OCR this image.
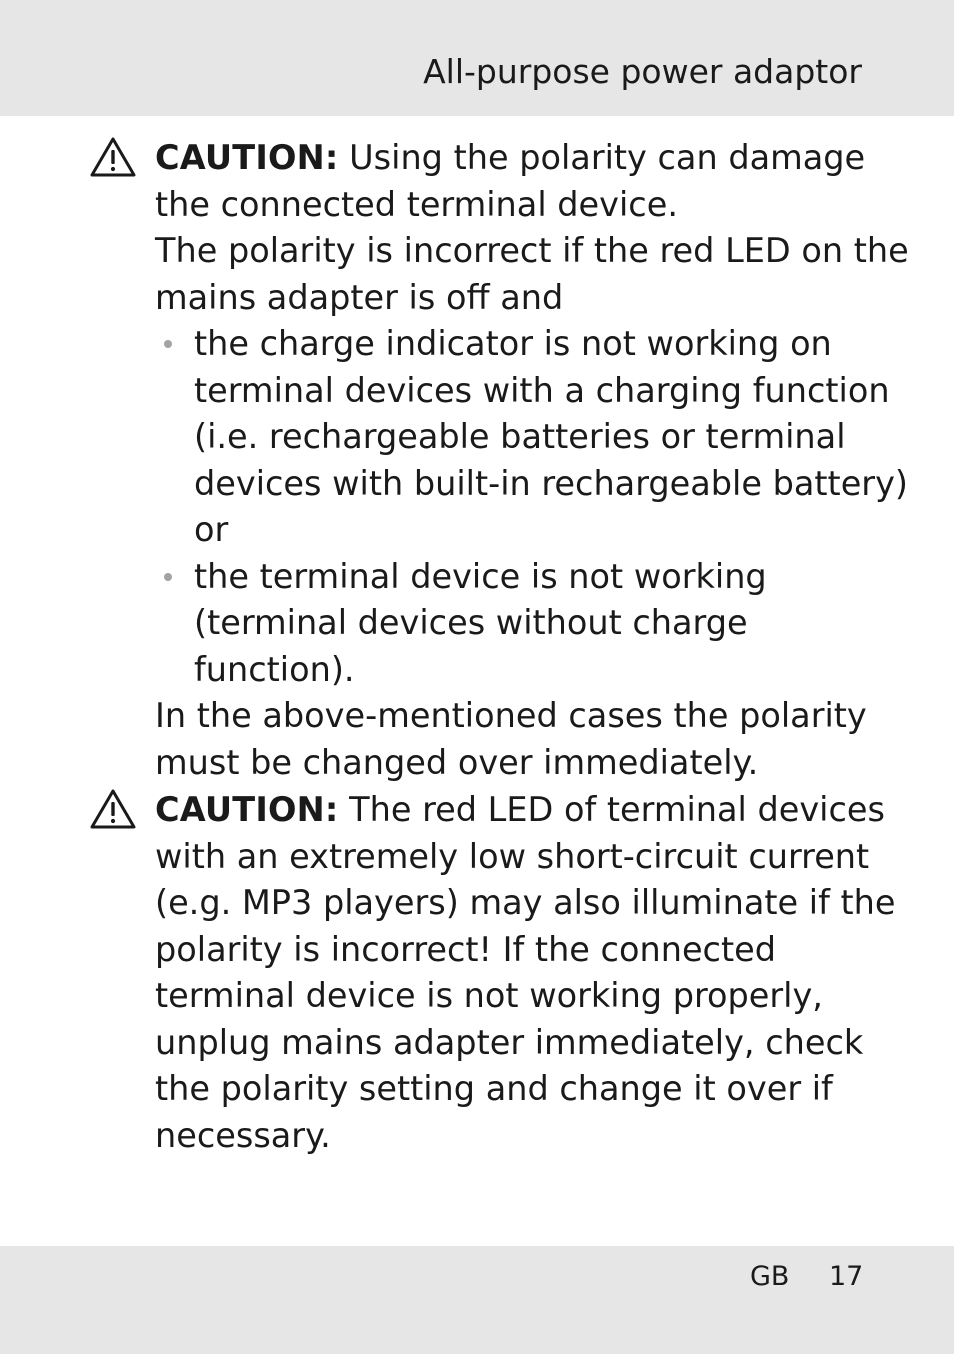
All-purpose power adaptor

CAUTION: Using the polarity can damage the connected terminal device.

The polarity is incorrect if the red LED on the mains adapter is off and

the charge indicator is not working on terminal devices with a charging function (i.e. rechargeable batteries or terminal devices with built-in rechargeable battery) or
the terminal device is not working (terminal devices without charge function).

In the above-mentioned cases the polarity must be changed over immediately.

CAUTION: The red LED of terminal devices with an extremely low short-circuit current (e.g. MP3 players) may also illuminate if the polarity is incorrect! If the connected terminal device is not working properly, unplug mains adapter immediately, check the polarity setting and change it over if necessary.

GB 17
